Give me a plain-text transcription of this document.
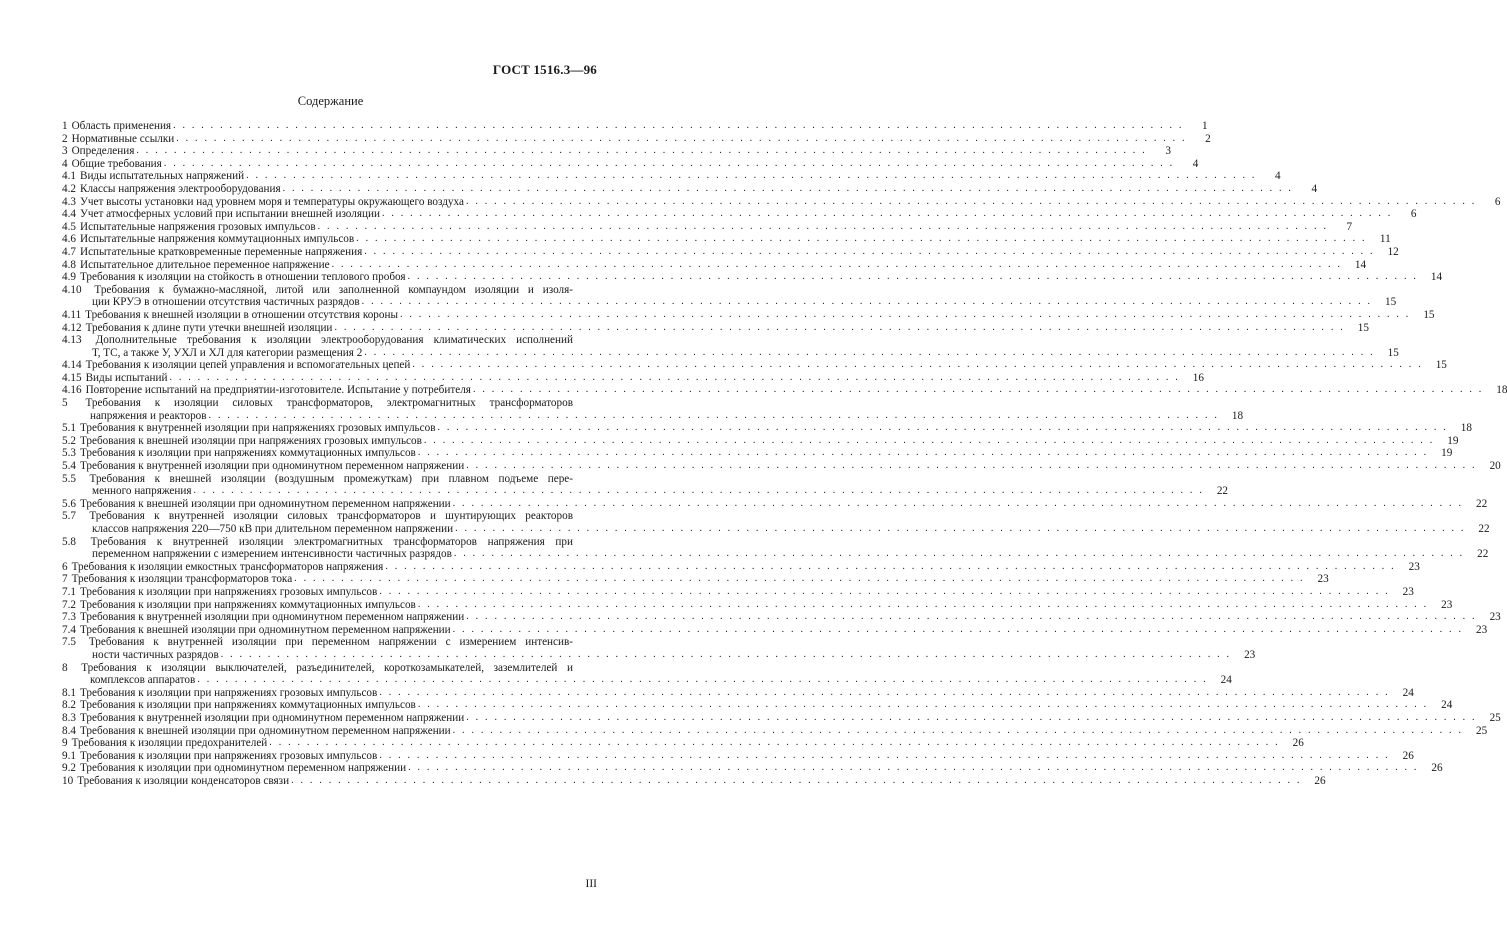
ГОСТ 1516.3—96
Содержание
1 Область применения . . . . . . . . . . . . . . . . . . . . . . . . . . . . . . . . . . . . . . . . . . . . . . . . . . . . . . . . . . . . . . . . . . . . . . . . . . . . . . . . . . . . . . . . . . . . . . . . . . . . . . . . . . . .	1
2 Нормативные ссылки . . . . . . . . . . . . . . . . . . . . . . . . . . . . . . . . . . . . . . . . . . . . . . . . . . . . . . . . . . . . . . . . . . . . . . . . . . . . . . . . . . . . . . . . . . . . . . . . . . . . . . . . . . . .	2
3 Определения . . . . . . . . . . . . . . . . . . . . . . . . . . . . . . . . . . . . . . . . . . . . . . . . . . . . . . . . . . . . . . . . . . . . . . . . . . . . . . . . . . . . . . . . . . . . . . . . . . . . . . . . . . . .	3
4 Общие требования . . . . . . . . . . . . . . . . . . . . . . . . . . . . . . . . . . . . . . . . . . . . . . . . . . . . . . . . . . . . . . . . . . . . . . . . . . . . . . . . . . . . . . . . . . . . . . . . . . . . . . . . . . . .	4
4.1 Виды испытательных напряжений . . . . . . . . . . . . . . . . . . . . . . . . . . . . . . . . . . . . . . . . . . . . . . . . . . . . . . . . . . . . . . . . . . . . . . . . . . . . . . . . . . . . . . . . . . . . . . . . . . . . . . . . . . . .	4
4.2 Классы напряжения электрооборудования . . . . . . . . . . . . . . . . . . . . . . . . . . . . . . . . . . . . . . . . . . . . . . . . . . . . . . . . . . . . . . . . . . . . . . . . . . . . . . . . . . . . . . . . . . . . . . . . . . . . . . . . . . . .	4
4.3 Учет высоты установки над уровнем моря и температуры окружающего воздуха . . . . . . . . . . . . . . . . . . . . . . . . . . . . . . . . . . . . . . . . . . . . . . . . . . . . . . . . . . . . . . . . . . . . . . . . . . . . . . . . . . . . . . . . . . . . . . . . . . . . . . . . . . . .	6
4.4 Учет атмосферных условий при испытании внешней изоляции . . . . . . . . . . . . . . . . . . . . . . . . . . . . . . . . . . . . . . . . . . . . . . . . . . . . . . . . . . . . . . . . . . . . . . . . . . . . . . . . . . . . . . . . . . . . . . . . . . . . . . . . . . . .	6
4.5 Испытательные напряжения грозовых импульсов . . . . . . . . . . . . . . . . . . . . . . . . . . . . . . . . . . . . . . . . . . . . . . . . . . . . . . . . . . . . . . . . . . . . . . . . . . . . . . . . . . . . . . . . . . . . . . . . . . . . . . . . . . . .	7
4.6 Испытательные напряжения коммутационных импульсов . . . . . . . . . . . . . . . . . . . . . . . . . . . . . . . . . . . . . . . . . . . . . . . . . . . . . . . . . . . . . . . . . . . . . . . . . . . . . . . . . . . . . . . . . . . . . . . . . . . . . . . . . . . .	11
4.7 Испытательные кратковременные переменные напряжения . . . . . . . . . . . . . . . . . . . . . . . . . . . . . . . . . . . . . . . . . . . . . . . . . . . . . . . . . . . . . . . . . . . . . . . . . . . . . . . . . . . . . . . . . . . . . . . . . . . . . . . . . . . .	12
4.8 Испытательное длительное переменное напряжение . . . . . . . . . . . . . . . . . . . . . . . . . . . . . . . . . . . . . . . . . . . . . . . . . . . . . . . . . . . . . . . . . . . . . . . . . . . . . . . . . . . . . . . . . . . . . . . . . . . . . . . . . . . .	14
4.9 Требования к изоляции на стойкость в отношении теплового пробоя . . . . . . . . . . . . . . . . . . . . . . . . . . . . . . . . . . . . . . . . . . . . . . . . . . . . . . . . . . . . . . . . . . . . . . . . . . . . . . . . . . . . . . . . . . . . . . . . . . . . . . . . . . . .	14
4.10 Требования к бумажно-масляной, литой или заполненной компаундом изоляции и изоля-
ции КРУЭ в отношении отсутствия частичных разрядов . . . . . . . . . . . . . . . . . . . . . . . . . . . . . . . . . . . . . . . . . . . . . . . . . . . . . . . . . . . . . . . . . . . . . . . . . . . . . . . . . . . . . . . . . . . . . . . . . . . . . . . . . . . .	15
4.11 Требования к внешней изоляции в отношении отсутствия короны . . . . . . . . . . . . . . . . . . . . . . . . . . . . . . . . . . . . . . . . . . . . . . . . . . . . . . . . . . . . . . . . . . . . . . . . . . . . . . . . . . . . . . . . . . . . . . . . . . . . . . . . . . . .	15
4.12 Требования к длине пути утечки внешней изоляции . . . . . . . . . . . . . . . . . . . . . . . . . . . . . . . . . . . . . . . . . . . . . . . . . . . . . . . . . . . . . . . . . . . . . . . . . . . . . . . . . . . . . . . . . . . . . . . . . . . . . . . . . . . .	15
4.13 Дополнительные требования к изоляции электрооборудования климатических исполнений
Т, ТС, а также У, УХЛ и ХЛ для категории размещения 2 . . . . . . . . . . . . . . . . . . . . . . . . . . . . . . . . . . . . . . . . . . . . . . . . . . . . . . . . . . . . . . . . . . . . . . . . . . . . . . . . . . . . . . . . . . . . . . . . . . . . . . . . . . . .	15
4.14 Требования к изоляции цепей управления и вспомогательных цепей . . . . . . . . . . . . . . . . . . . . . . . . . . . . . . . . . . . . . . . . . . . . . . . . . . . . . . . . . . . . . . . . . . . . . . . . . . . . . . . . . . . . . . . . . . . . . . . . . . . . . . . . . . . .	15
4.15 Виды испытаний . . . . . . . . . . . . . . . . . . . . . . . . . . . . . . . . . . . . . . . . . . . . . . . . . . . . . . . . . . . . . . . . . . . . . . . . . . . . . . . . . . . . . . . . . . . . . . . . . . . . . . . . . . . .	16
4.16 Повторение испытаний на предприятии-изготовителе. Испытание у потребителя . . . . . . . . . . . . . . . . . . . . . . . . . . . . . . . . . . . . . . . . . . . . . . . . . . . . . . . . . . . . . . . . . . . . . . . . . . . . . . . . . . . . . . . . . . . . . . . . . . . . . . . . . . . .	18
5 Требования к изоляции силовых трансформаторов, электромагнитных трансформаторов
напряжения и реакторов . . . . . . . . . . . . . . . . . . . . . . . . . . . . . . . . . . . . . . . . . . . . . . . . . . . . . . . . . . . . . . . . . . . . . . . . . . . . . . . . . . . . . . . . . . . . . . . . . . . . . . . . . . . .	18
5.1 Требования к внутренней изоляции при напряжениях грозовых импульсов . . . . . . . . . . . . . . . . . . . . . . . . . . . . . . . . . . . . . . . . . . . . . . . . . . . . . . . . . . . . . . . . . . . . . . . . . . . . . . . . . . . . . . . . . . . . . . . . . . . . . . . . . . . .	18
5.2 Требования к внешней изоляции при напряжениях грозовых импульсов . . . . . . . . . . . . . . . . . . . . . . . . . . . . . . . . . . . . . . . . . . . . . . . . . . . . . . . . . . . . . . . . . . . . . . . . . . . . . . . . . . . . . . . . . . . . . . . . . . . . . . . . . . . .	19
5.3 Требования к изоляции при напряжениях коммутационных импульсов . . . . . . . . . . . . . . . . . . . . . . . . . . . . . . . . . . . . . . . . . . . . . . . . . . . . . . . . . . . . . . . . . . . . . . . . . . . . . . . . . . . . . . . . . . . . . . . . . . . . . . . . . . . .	19
5.4 Требования к внутренней изоляции при одноминутном переменном напряжении . . . . . . . . . . . . . . . . . . . . . . . . . . . . . . . . . . . . . . . . . . . . . . . . . . . . . . . . . . . . . . . . . . . . . . . . . . . . . . . . . . . . . . . . . . . . . . . . . . . . . . . . . . . .	20
5.5 Требования к внешней изоляции (воздушным промежуткам) при плавном подъеме пере-
менного напряжения . . . . . . . . . . . . . . . . . . . . . . . . . . . . . . . . . . . . . . . . . . . . . . . . . . . . . . . . . . . . . . . . . . . . . . . . . . . . . . . . . . . . . . . . . . . . . . . . . . . . . . . . . . . .	22
5.6 Требования к внешней изоляции при одноминутном переменном напряжении . . . . . . . . . . . . . . . . . . . . . . . . . . . . . . . . . . . . . . . . . . . . . . . . . . . . . . . . . . . . . . . . . . . . . . . . . . . . . . . . . . . . . . . . . . . . . . . . . . . . . . . . . . . .	22
5.7 Требования к внутренней изоляции силовых трансформаторов и шунтирующих реакторов
классов напряжения 220—750 кВ при длительном переменном напряжении . . . . . . . . . . . . . . . . . . . . . . . . . . . . . . . . . . . . . . . . . . . . . . . . . . . . . . . . . . . . . . . . . . . . . . . . . . . . . . . . . . . . . . . . . . . . . . . . . . . . . . . . . . . .	22
5.8 Требования к внутренней изоляции электромагнитных трансформаторов напряжения при
переменном напряжении с измерением интенсивности частичных разрядов . . . . . . . . . . . . . . . . . . . . . . . . . . . . . . . . . . . . . . . . . . . . . . . . . . . . . . . . . . . . . . . . . . . . . . . . . . . . . . . . . . . . . . . . . . . . . . . . . . . . . . . . . . . .	22
6 Требования к изоляции емкостных трансформаторов напряжения . . . . . . . . . . . . . . . . . . . . . . . . . . . . . . . . . . . . . . . . . . . . . . . . . . . . . . . . . . . . . . . . . . . . . . . . . . . . . . . . . . . . . . . . . . . . . . . . . . . . . . . . . . . .	23
7 Требования к изоляции трансформаторов тока . . . . . . . . . . . . . . . . . . . . . . . . . . . . . . . . . . . . . . . . . . . . . . . . . . . . . . . . . . . . . . . . . . . . . . . . . . . . . . . . . . . . . . . . . . . . . . . . . . . . . . . . . . . .	23
7.1 Требования к изоляции при напряжениях грозовых импульсов . . . . . . . . . . . . . . . . . . . . . . . . . . . . . . . . . . . . . . . . . . . . . . . . . . . . . . . . . . . . . . . . . . . . . . . . . . . . . . . . . . . . . . . . . . . . . . . . . . . . . . . . . . . .	23
7.2 Требования к изоляции при напряжениях коммутационных импульсов . . . . . . . . . . . . . . . . . . . . . . . . . . . . . . . . . . . . . . . . . . . . . . . . . . . . . . . . . . . . . . . . . . . . . . . . . . . . . . . . . . . . . . . . . . . . . . . . . . . . . . . . . . . .	23
7.3 Требования к внутренней изоляции при одноминутном переменном напряжении . . . . . . . . . . . . . . . . . . . . . . . . . . . . . . . . . . . . . . . . . . . . . . . . . . . . . . . . . . . . . . . . . . . . . . . . . . . . . . . . . . . . . . . . . . . . . . . . . . . . . . . . . . . .	23
7.4 Требования к внешней изоляции при одноминутном переменном напряжении . . . . . . . . . . . . . . . . . . . . . . . . . . . . . . . . . . . . . . . . . . . . . . . . . . . . . . . . . . . . . . . . . . . . . . . . . . . . . . . . . . . . . . . . . . . . . . . . . . . . . . . . . . . .	23
7.5 Требования к внутренней изоляции при переменном напряжении с измерением интенсив-
ности частичных разрядов . . . . . . . . . . . . . . . . . . . . . . . . . . . . . . . . . . . . . . . . . . . . . . . . . . . . . . . . . . . . . . . . . . . . . . . . . . . . . . . . . . . . . . . . . . . . . . . . . . . . . . . . . . . .	23
8 Требования к изоляции выключателей, разъединителей, короткозамыкателей, заземлителей и
комплексов аппаратов . . . . . . . . . . . . . . . . . . . . . . . . . . . . . . . . . . . . . . . . . . . . . . . . . . . . . . . . . . . . . . . . . . . . . . . . . . . . . . . . . . . . . . . . . . . . . . . . . . . . . . . . . . . .	24
8.1 Требования к изоляции при напряжениях грозовых импульсов . . . . . . . . . . . . . . . . . . . . . . . . . . . . . . . . . . . . . . . . . . . . . . . . . . . . . . . . . . . . . . . . . . . . . . . . . . . . . . . . . . . . . . . . . . . . . . . . . . . . . . . . . . . .	24
8.2 Требования к изоляции при напряжениях коммутационных импульсов . . . . . . . . . . . . . . . . . . . . . . . . . . . . . . . . . . . . . . . . . . . . . . . . . . . . . . . . . . . . . . . . . . . . . . . . . . . . . . . . . . . . . . . . . . . . . . . . . . . . . . . . . . . .	24
8.3 Требования к внутренней изоляции при одноминутном переменном напряжении . . . . . . . . . . . . . . . . . . . . . . . . . . . . . . . . . . . . . . . . . . . . . . . . . . . . . . . . . . . . . . . . . . . . . . . . . . . . . . . . . . . . . . . . . . . . . . . . . . . . . . . . . . . .	25
8.4 Требования к внешней изоляции при одноминутном переменном напряжении . . . . . . . . . . . . . . . . . . . . . . . . . . . . . . . . . . . . . . . . . . . . . . . . . . . . . . . . . . . . . . . . . . . . . . . . . . . . . . . . . . . . . . . . . . . . . . . . . . . . . . . . . . . .	25
9 Требования к изоляции предохранителей . . . . . . . . . . . . . . . . . . . . . . . . . . . . . . . . . . . . . . . . . . . . . . . . . . . . . . . . . . . . . . . . . . . . . . . . . . . . . . . . . . . . . . . . . . . . . . . . . . . . . . . . . . . .	26
9.1 Требования к изоляции при напряжениях грозовых импульсов . . . . . . . . . . . . . . . . . . . . . . . . . . . . . . . . . . . . . . . . . . . . . . . . . . . . . . . . . . . . . . . . . . . . . . . . . . . . . . . . . . . . . . . . . . . . . . . . . . . . . . . . . . . .	26
9.2 Требования к изоляции при одноминутном переменном напряжении . . . . . . . . . . . . . . . . . . . . . . . . . . . . . . . . . . . . . . . . . . . . . . . . . . . . . . . . . . . . . . . . . . . . . . . . . . . . . . . . . . . . . . . . . . . . . . . . . . . . . . . . . . . .	26
10 Требования к изоляции конденсаторов связи . . . . . . . . . . . . . . . . . . . . . . . . . . . . . . . . . . . . . . . . . . . . . . . . . . . . . . . . . . . . . . . . . . . . . . . . . . . . . . . . . . . . . . . . . . . . . . . . . . . . . . . . . . . .	26
III
